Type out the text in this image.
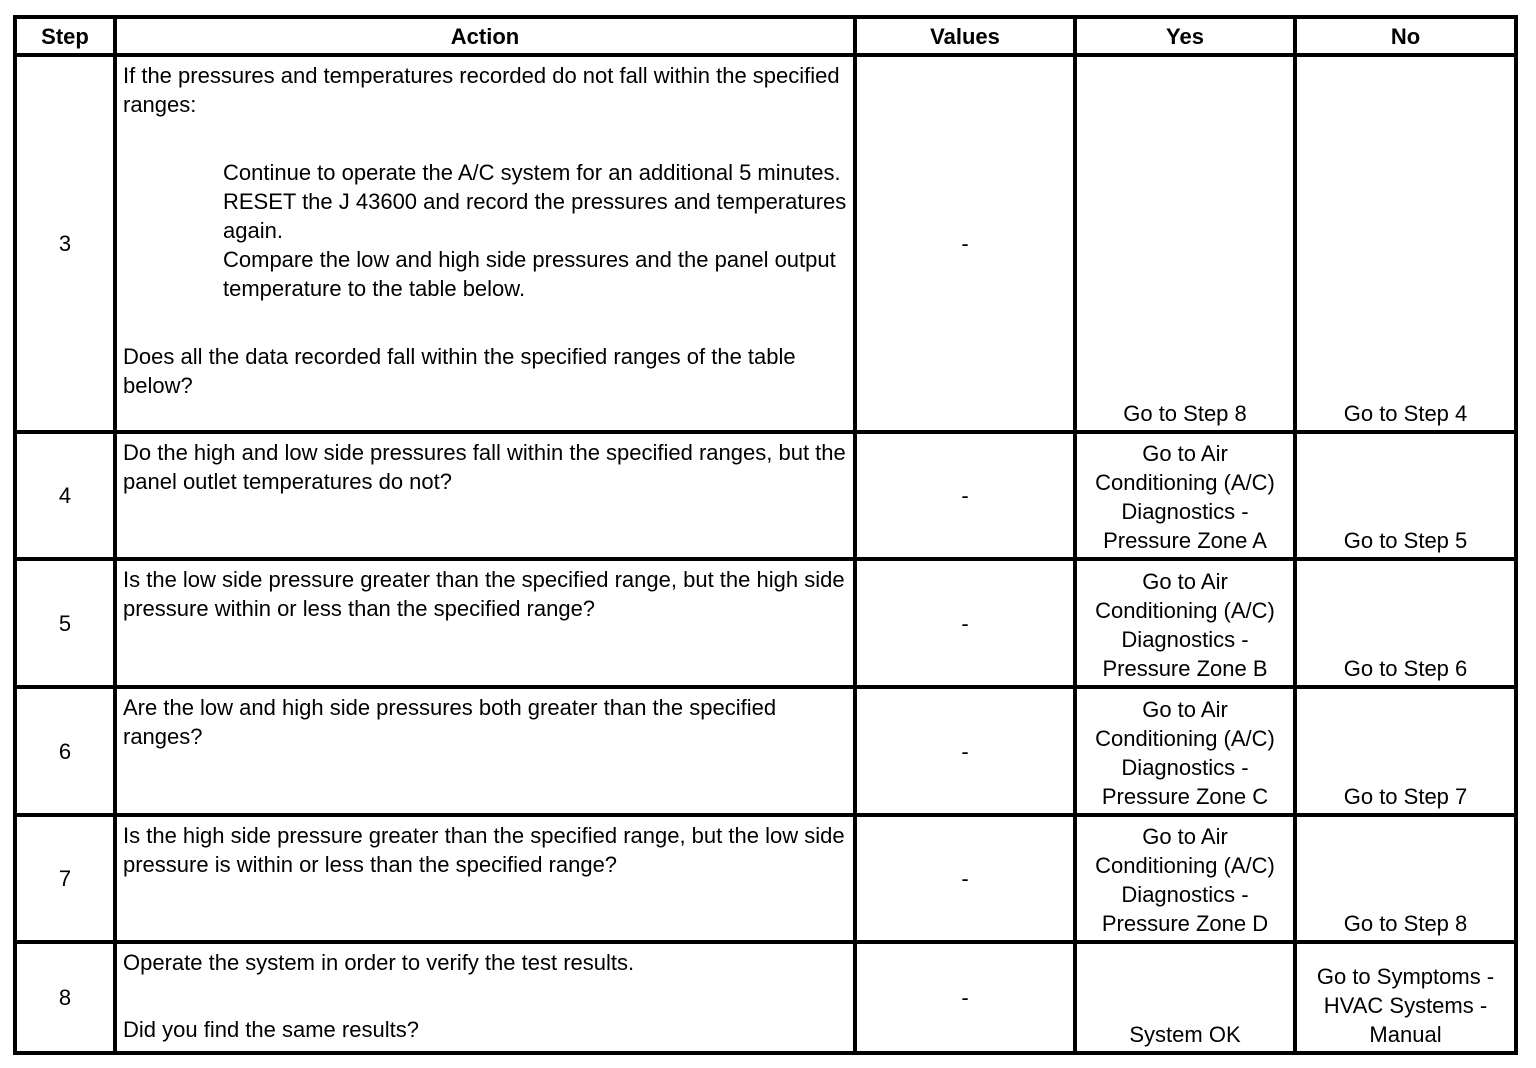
Step	Action	Values	Yes	No
3	If the pressures and temperatures recorded do not fall within the specified ranges:
Continue to operate the A/C system for an additional 5 minutes.
RESET the J 43600 and record the pressures and temperatures again.
Compare the low and high side pressures and the panel output temperature to the table below.
Does all the data recorded fall within the specified ranges of the table below?	-	Go to Step 8	Go to Step 4
4	Do the high and low side pressures fall within the specified ranges, but the panel outlet temperatures do not?	-	Go to Air Conditioning (A/C) Diagnostics - Pressure Zone A	Go to Step 5
5	Is the low side pressure greater than the specified range, but the high side pressure within or less than the specified range?	-	Go to Air Conditioning (A/C) Diagnostics - Pressure Zone B	Go to Step 6
6	Are the low and high side pressures both greater than the specified ranges?	-	Go to Air Conditioning (A/C) Diagnostics - Pressure Zone C	Go to Step 7
7	Is the high side pressure greater than the specified range, but the low side pressure is within or less than the specified range?	-	Go to Air Conditioning (A/C) Diagnostics - Pressure Zone D	Go to Step 8
8	Operate the system in order to verify the test results.
Did you find the same results?	-	System OK	Go to Symptoms - HVAC Systems - Manual
